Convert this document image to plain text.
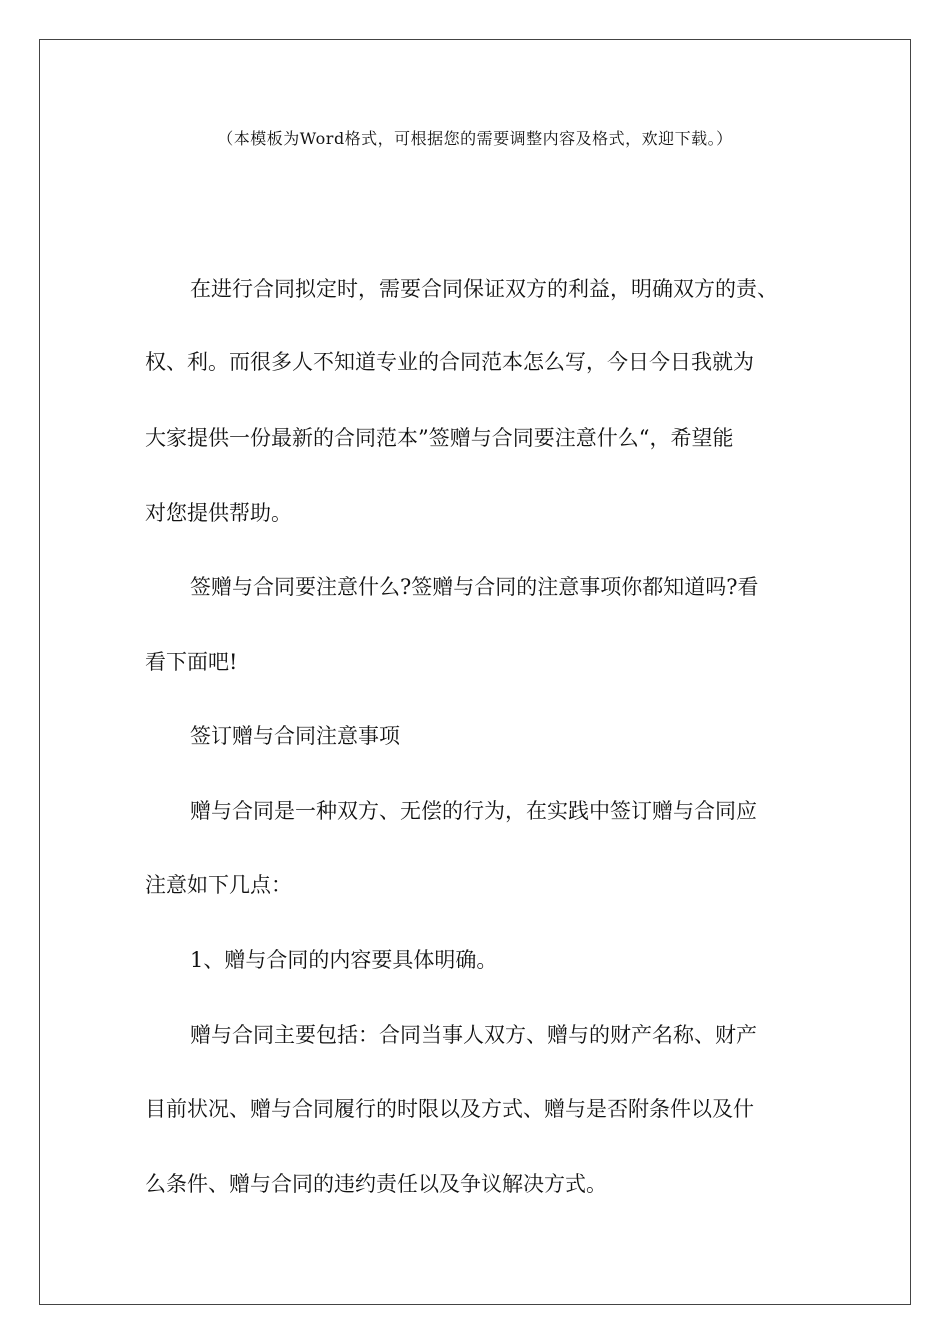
（本模板为Word格式，可根据您的需要调整内容及格式，欢迎下载。）
在进行合同拟定时，需要合同保证双方的利益，明确双方的责、
权、利。而很多人不知道专业的合同范本怎么写，今日今日我就为
大家提供一份最新的合同范本”签赠与合同要注意什么“，希望能
对您提供帮助。
签赠与合同要注意什么?签赠与合同的注意事项你都知道吗?看
看下面吧!
签订赠与合同注意事项
赠与合同是一种双方、无偿的行为，在实践中签订赠与合同应
注意如下几点：
1、赠与合同的内容要具体明确。
赠与合同主要包括：合同当事人双方、赠与的财产名称、财产
目前状况、赠与合同履行的时限以及方式、赠与是否附条件以及什
么条件、赠与合同的违约责任以及争议解决方式。
